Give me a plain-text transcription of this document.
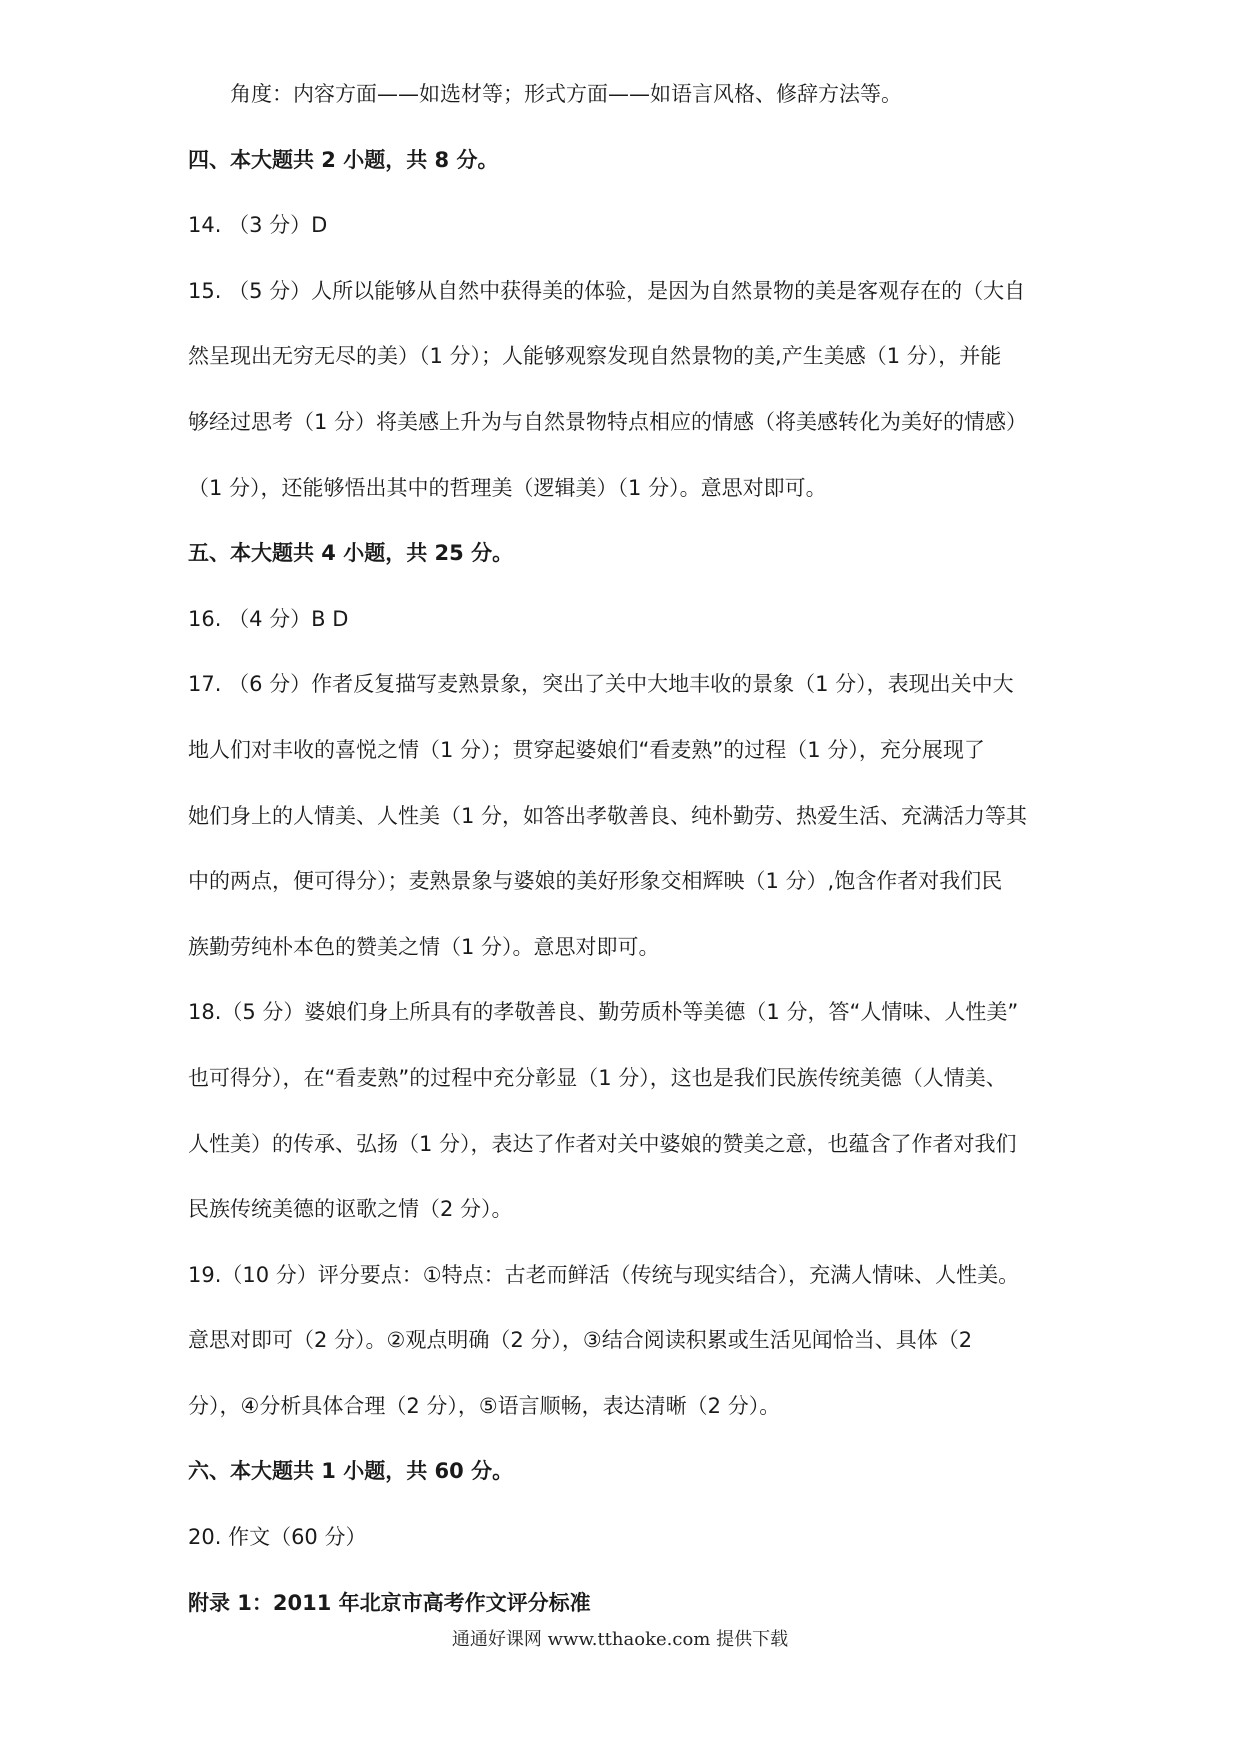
角度：内容方面——如选材等；形式方面——如语言风格、修辞方法等。
四、本大题共 2 小题，共 8 分。
14. （3 分）D
15. （5 分）人所以能够从自然中获得美的体验，是因为自然景物的美是客观存在的（大自
然呈现出无穷无尽的美）（1 分）；人能够观察发现自然景物的美,产生美感（1 分），并能
够经过思考（1 分）将美感上升为与自然景物特点相应的情感（将美感转化为美好的情感）
（1 分），还能够悟出其中的哲理美（逻辑美）（1 分）。意思对即可。
五、本大题共 4 小题，共 25 分。
16. （4 分）B D
17. （6 分）作者反复描写麦熟景象，突出了关中大地丰收的景象（1 分），表现出关中大
地人们对丰收的喜悦之情（1 分）；贯穿起婆娘们“看麦熟”的过程（1 分），充分展现了
她们身上的人情美、人性美（1 分，如答出孝敬善良、纯朴勤劳、热爱生活、充满活力等其
中的两点，便可得分）；麦熟景象与婆娘的美好形象交相辉映（1 分）,饱含作者对我们民
族勤劳纯朴本色的赞美之情（1 分）。意思对即可。
18.（5 分）婆娘们身上所具有的孝敬善良、勤劳质朴等美德（1 分，答“人情味、人性美”
也可得分），在“看麦熟”的过程中充分彰显（1 分），这也是我们民族传统美德（人情美、
人性美）的传承、弘扬（1 分），表达了作者对关中婆娘的赞美之意，也蕴含了作者对我们
民族传统美德的讴歌之情（2 分）。
19.（10 分）评分要点：①特点：古老而鲜活（传统与现实结合），充满人情味、人性美。
意思对即可（2 分）。②观点明确（2 分），③结合阅读积累或生活见闻恰当、具体（2
分），④分析具体合理（2 分），⑤语言顺畅，表达清晰（2 分）。
六、本大题共 1 小题，共 60 分。
20. 作文（60 分）
附录 1：2011 年北京市高考作文评分标准
通通好课网 www.tthaoke.com 提供下载
